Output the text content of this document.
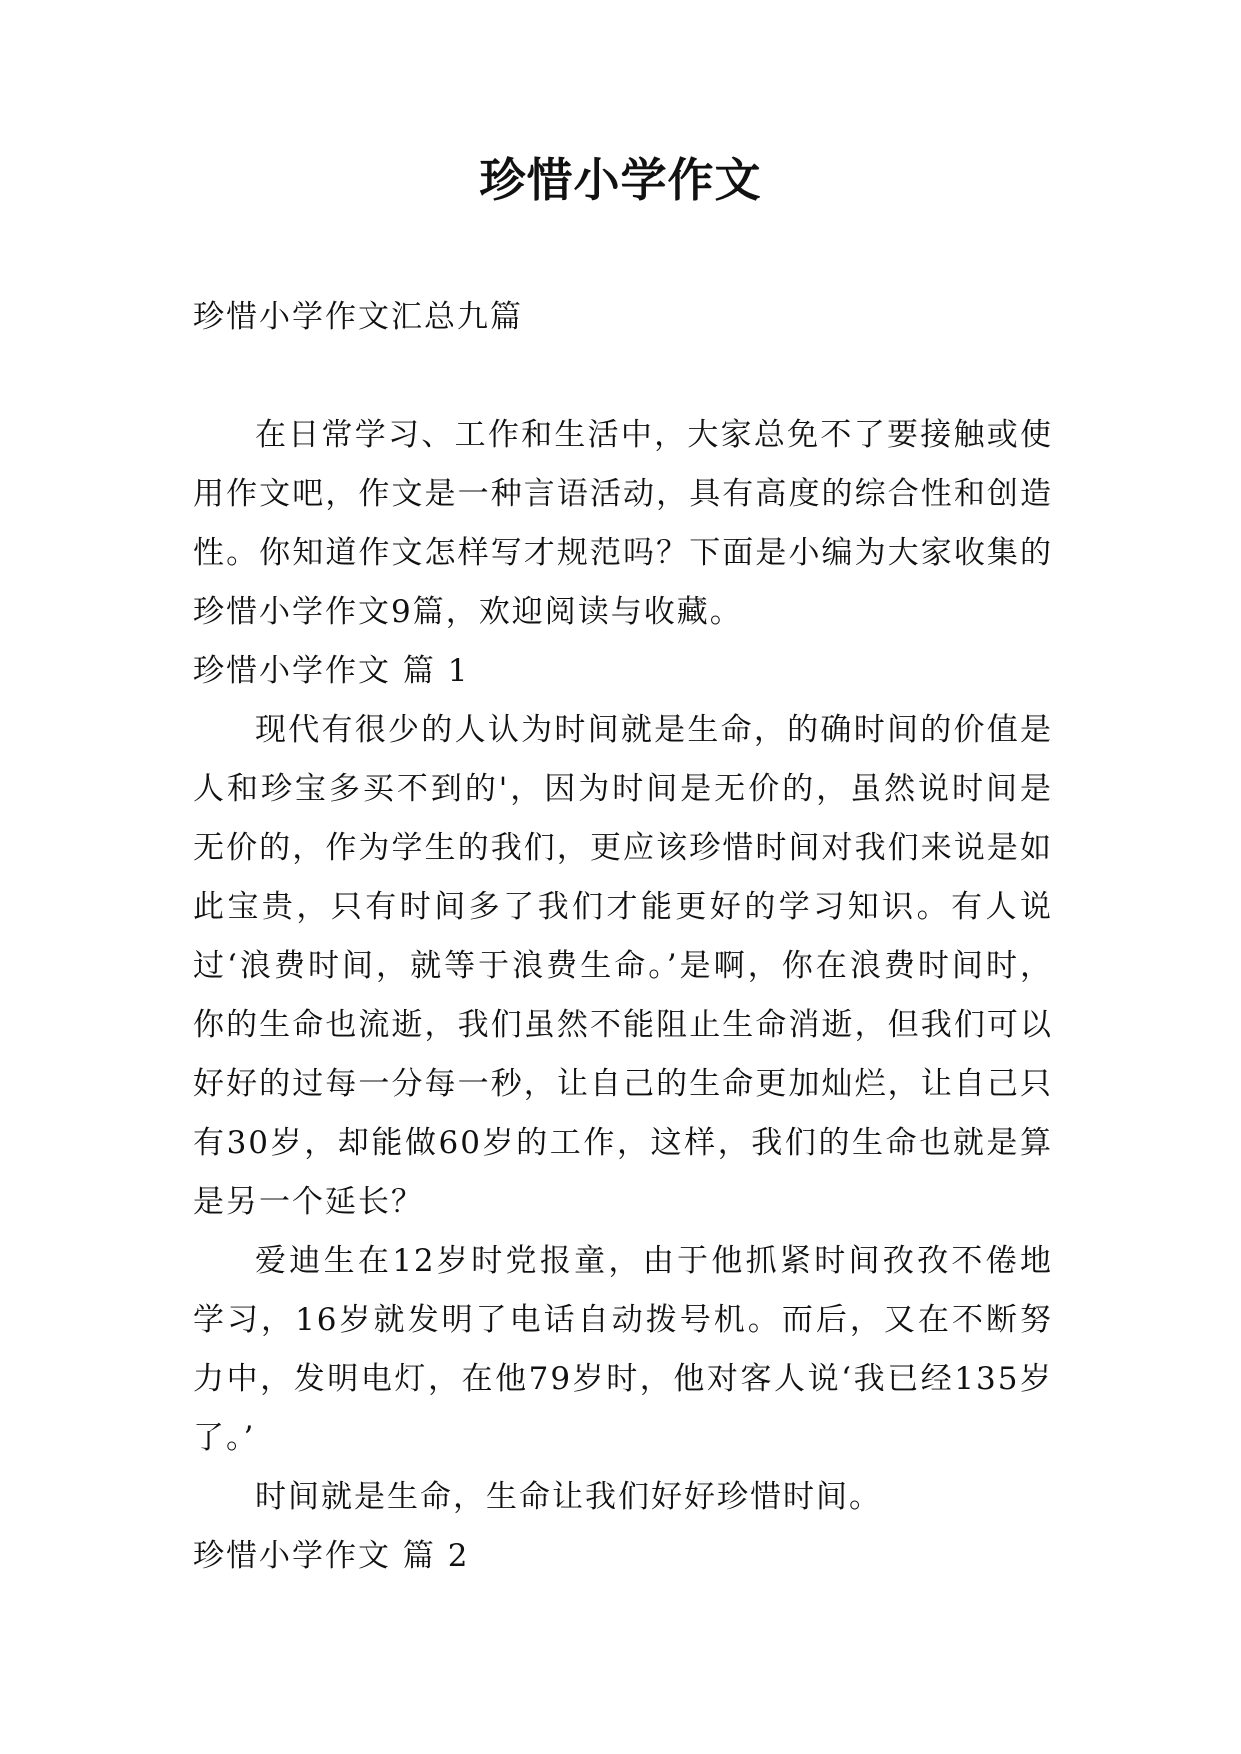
珍惜小学作文

珍惜小学作文汇总九篇

在日常学习、工作和生活中，大家总免不了要接触或使用作文吧，作文是一种言语活动，具有高度的综合性和创造性。你知道作文怎样写才规范吗？下面是小编为大家收集的珍惜小学作文9篇，欢迎阅读与收藏。

珍惜小学作文 篇 1

现代有很少的人认为时间就是生命，的确时间的价值是人和珍宝多买不到的'，因为时间是无价的，虽然说时间是无价的，作为学生的我们，更应该珍惜时间对我们来说是如此宝贵，只有时间多了我们才能更好的学习知识。有人说过‘浪费时间，就等于浪费生命。’是啊，你在浪费时间时，你的生命也流逝，我们虽然不能阻止生命消逝，但我们可以好好的过每一分每一秒，让自己的生命更加灿烂，让自己只有30岁，却能做60岁的工作，这样，我们的生命也就是算是另一个延长？

爱迪生在12岁时党报童，由于他抓紧时间孜孜不倦地学习，16岁就发明了电话自动拨号机。而后，又在不断努力中，发明电灯，在他79岁时，他对客人说‘我已经135岁了。’

时间就是生命，生命让我们好好珍惜时间。

珍惜小学作文 篇 2
